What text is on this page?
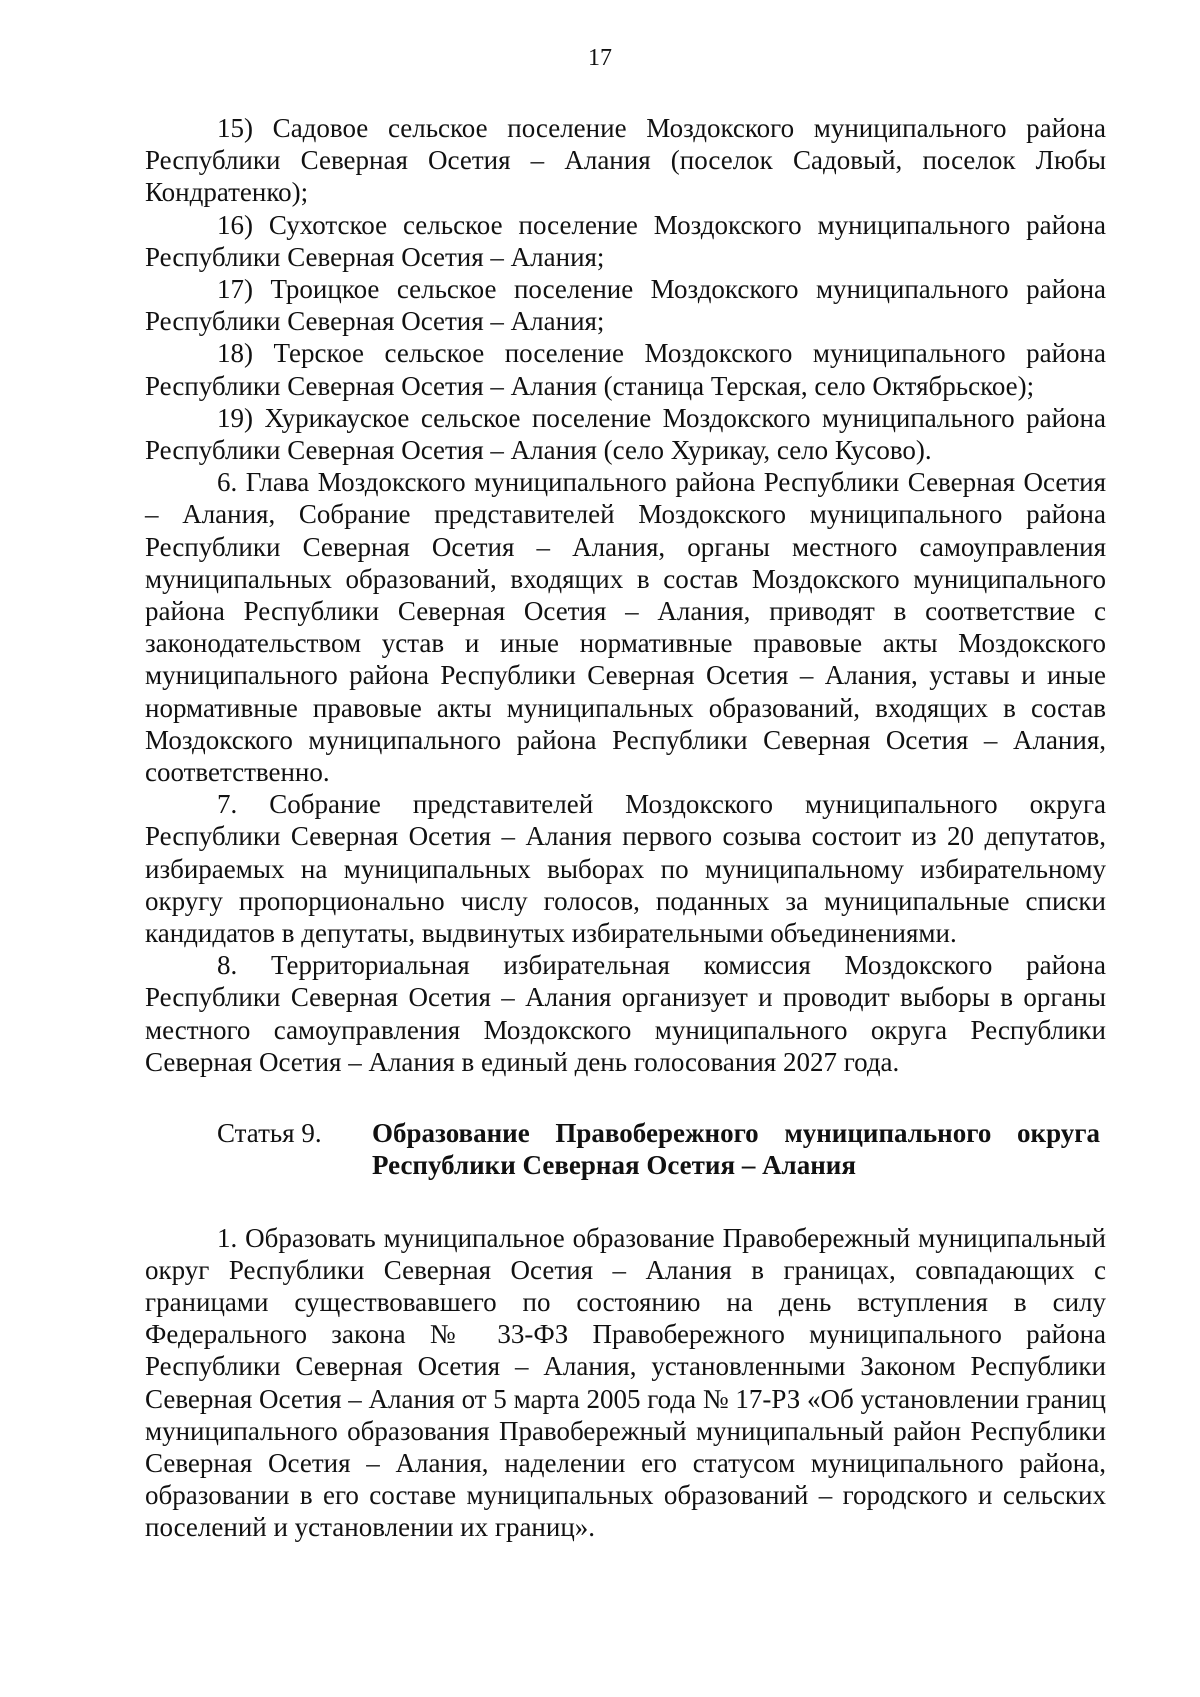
17

15) Садовое сельское поселение Моздокского муниципального района Республики Северная Осетия – Алания (поселок Садовый, поселок Любы Кондратенко);

16) Сухотское сельское поселение Моздокского муниципального района Республики Северная Осетия – Алания;

17) Троицкое сельское поселение Моздокского муниципального района Республики Северная Осетия – Алания;

18) Терское сельское поселение Моздокского муниципального района Республики Северная Осетия – Алания (станица Терская, село Октябрьское);

19) Хурикауское сельское поселение Моздокского муниципального района Республики Северная Осетия – Алания (село Хурикау, село Кусово).

6. Глава Моздокского муниципального района Республики Северная Осетия – Алания, Собрание представителей Моздокского муниципального района Республики Северная Осетия – Алания, органы местного самоуправления муниципальных образований, входящих в состав Моздокского муниципального района Республики Северная Осетия – Алания, приводят в соответствие с законодательством устав и иные нормативные правовые акты Моздокского муниципального района Республики Северная Осетия – Алания, уставы и иные нормативные правовые акты муниципальных образований, входящих в состав Моздокского муниципального района Республики Северная Осетия – Алания, соответственно.

7. Собрание представителей Моздокского муниципального округа Республики Северная Осетия – Алания первого созыва состоит из 20 депутатов, избираемых на муниципальных выборах по муниципальному избирательному округу пропорционально числу голосов, поданных за муниципальные списки кандидатов в депутаты, выдвинутых избирательными объединениями.

8. Территориальная избирательная комиссия Моздокского района Республики Северная Осетия – Алания организует и проводит выборы в органы местного самоуправления Моздокского муниципального округа Республики Северная Осетия – Алания в единый день голосования 2027 года.

Статья 9.	Образование Правобережного муниципального округа Республики Северная Осетия – Алания

1. Образовать муниципальное образование Правобережный муниципальный округ Республики Северная Осетия – Алания в границах, совпадающих с границами существовавшего по состоянию на день вступления в силу Федерального закона № 33-ФЗ Правобережного муниципального района Республики Северная Осетия – Алания, установленными Законом Республики Северная Осетия – Алания от 5 марта 2005 года № 17-РЗ «Об установлении границ муниципального образования Правобережный муниципальный район Республики Северная Осетия – Алания, наделении его статусом муниципального района, образовании в его составе муниципальных образований – городского и сельских поселений и установлении их границ».
